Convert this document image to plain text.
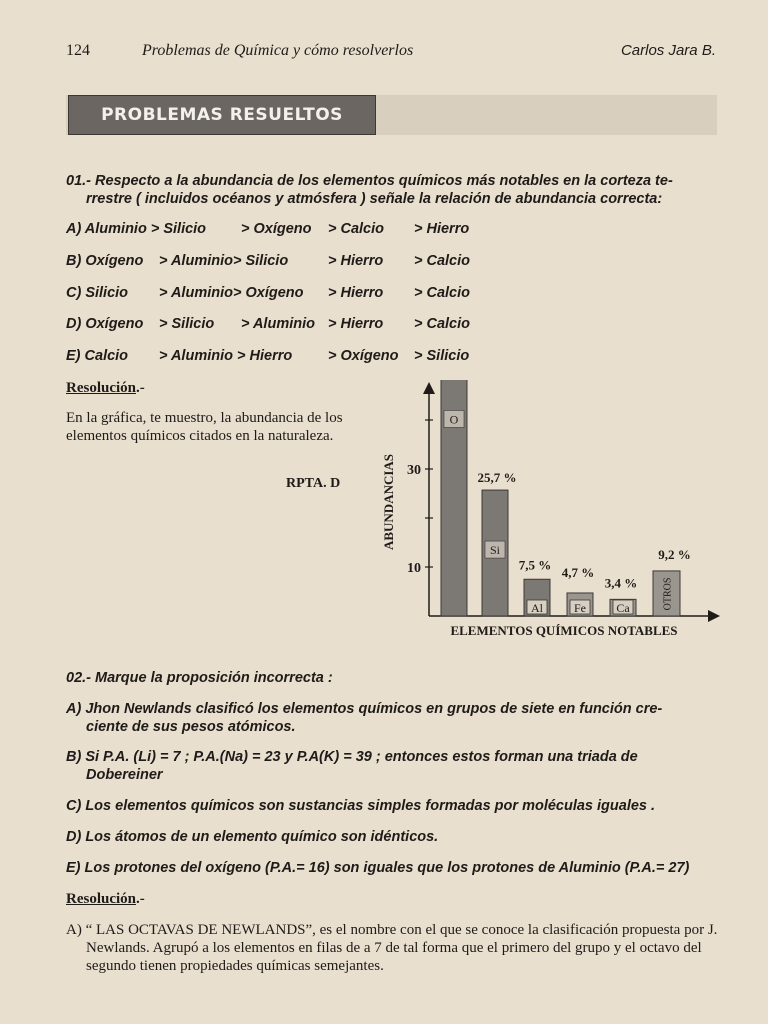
124	Problemas de Química y cómo resolverlos	Carlos Jara B.
PROBLEMAS RESUELTOS
01.- Respecto a la abundancia de los elementos químicos más notables en la corteza te-
rrestre ( incluidos océanos y atmósfera ) señale la relación de abundancia correcta:
A) Aluminio > Silicio > Oxígeno > Calcio > Hierro
B) Oxígeno > Aluminio> Silicio	> Hierro > Calcio
C) Silicio > Aluminio> Oxígeno > Hierro > Calcio
D) Oxígeno > Silicio > Aluminio > Hierro > Calcio
E) Calcio > Aluminio > Hierro > Oxígeno > Silicio
Resolución.-
En la gráfica, te muestro, la abundancia de los elementos químicos citados en la naturaleza.
RPTA. D
10
30
ABUNDANCIAS
ELEMENTOS QUÍMICOS NOTABLES
O
Si
25,7 %
Al
7,5 %
Fe
4,7 %
Ca
3,4 %	OTROS
9,2 %
02.- Marque la proposición incorrecta :
A) Jhon Newlands clasificó los elementos químicos en grupos de siete en función cre-
ciente de sus pesos atómicos.
B) Si P.A. (Li) = 7 ; P.A.(Na) = 23 y P.A(K) = 39 ; entonces estos forman una triada de
Dobereiner
C) Los elementos químicos son sustancias simples formadas por moléculas iguales .
D) Los átomos de un elemento químico son idénticos.
E) Los protones del oxígeno (P.A.= 16) son iguales que los protones de Aluminio (P.A.= 27)
Resolución.-
A) “ LAS OCTAVAS DE NEWLANDS”, es el nombre con el que se conoce la clasificación propuesta por J. Newlands. Agrupó a los elementos en filas de a 7 de tal forma que el primero del grupo y el octavo del segundo tienen propiedades químicas semejantes.
